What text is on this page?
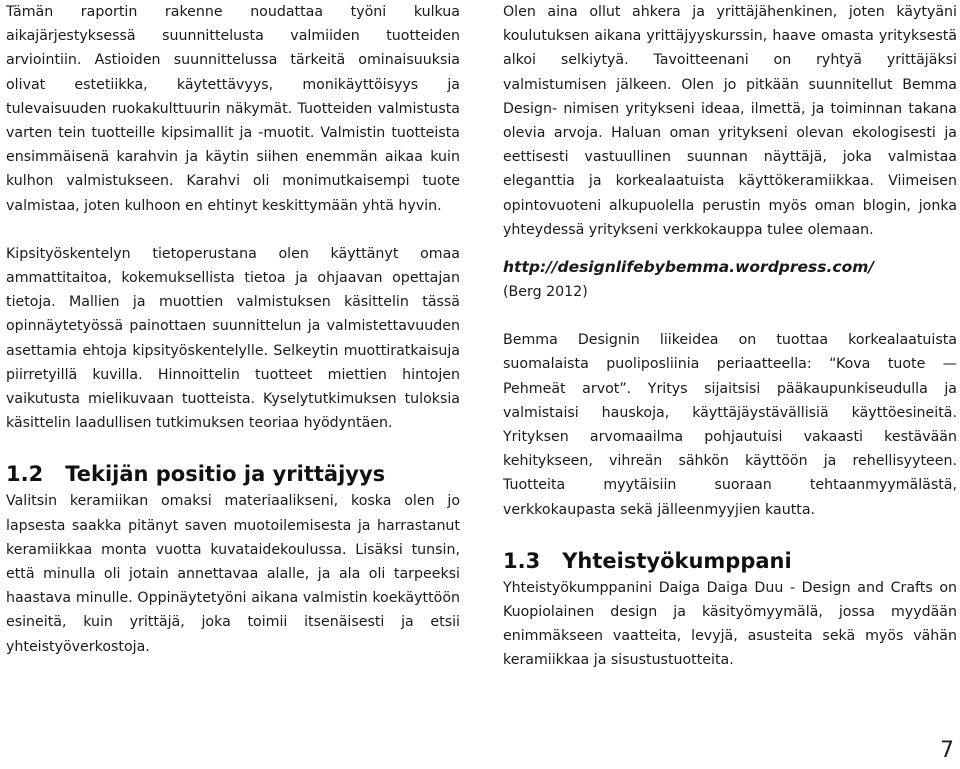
Tämän raportin rakenne noudattaa työni kulkua aikajärjestyksessä suunnittelusta valmiiden tuotteiden arviointiin. Astioiden suunnittelussa tärkeitä ominaisuuksia olivat estetiikka, käytettävyys, monikäyttöisyys ja tulevaisuuden ruokakulttuurin näkymät. Tuotteiden valmistusta varten tein tuotteille kipsimallit ja -muotit. Valmistin tuotteista ensimmäisenä karahvin ja käytin siihen enemmän aikaa kuin kulhon valmistukseen. Karahvi oli monimutkaisempi tuote valmistaa, joten kulhoon en ehtinyt keskittymään yhtä hyvin.

Kipsityöskentelyn tietoperustana olen käyttänyt omaa ammattitaitoa, kokemuksellista tietoa ja ohjaavan opettajan tietoja. Mallien ja muottien valmistuksen käsittelin tässä opinnäytetyössä painottaen suunnittelun ja valmistettavuuden asettamia ehtoja kipsityöskentelylle. Selkeytin muottiratkaisuja piirretyillä kuvilla. Hinnoittelin tuotteet miettien hintojen vaikutusta mielikuvaan tuotteista. Kyselytutkimuksen tuloksia käsittelin laadullisen tutkimuksen teoriaa hyödyntäen.

1.2 Tekijän positio ja yrittäjyys

Valitsin keramiikan omaksi materiaalikseni, koska olen jo lapsesta saakka pitänyt saven muotoilemisesta ja harrastanut keramiikkaa monta vuotta kuvataidekoulussa. Lisäksi tunsin, että minulla oli jotain annettavaa alalle, ja ala oli tarpeeksi haastava minulle. Oppinäytetyöni aikana valmistin koekäyttöön esineitä, kuin yrittäjä, joka toimii itsenäisesti ja etsii yhteistyöverkostoja.

Olen aina ollut ahkera ja yrittäjähenkinen, joten käytyäni koulutuksen aikana yrittäjyyskurssin, haave omasta yrityksestä alkoi selkiytyä. Tavoitteenani on ryhtyä yrittäjäksi valmistumisen jälkeen. Olen jo pitkään suunnitellut Bemma Design- nimisen yritykseni ideaa, ilmettä, ja toiminnan takana olevia arvoja. Haluan oman yritykseni olevan ekologisesti ja eettisesti vastuullinen suunnan näyttäjä, joka valmistaa eleganttia ja korkealaatuista käyttökeramiikkaa. Viimeisen opintovuoteni alkupuolella perustin myös oman blogin, jonka yhteydessä yritykseni verkkokauppa tulee olemaan.

http://designlifebybemma.wordpress.com/

(Berg 2012)

Bemma Designin liikeidea on tuottaa korkealaatuista suomalaista puoliposliinia periaatteella: “Kova tuote — Pehmeät arvot”. Yritys sijaitsisi pääkaupunkiseudulla ja valmistaisi hauskoja, käyttäjäystävällisiä käyttöesineitä. Yrityksen arvomaailma pohjautuisi vakaasti kestävään kehitykseen, vihreän sähkön käyttöön ja rehellisyyteen. Tuotteita myytäisiin suoraan tehtaanmyymälästä, verkkokaupasta sekä jälleenmyyjien kautta.

1.3 Yhteistyökumppani

Yhteistyökumppanini Daiga Daiga Duu - Design and Crafts on Kuopiolainen design ja käsityömyymälä, jossa myydään enimmäkseen vaatteita, levyjä, asusteita sekä myös vähän keramiikkaa ja sisustustuotteita.

7
